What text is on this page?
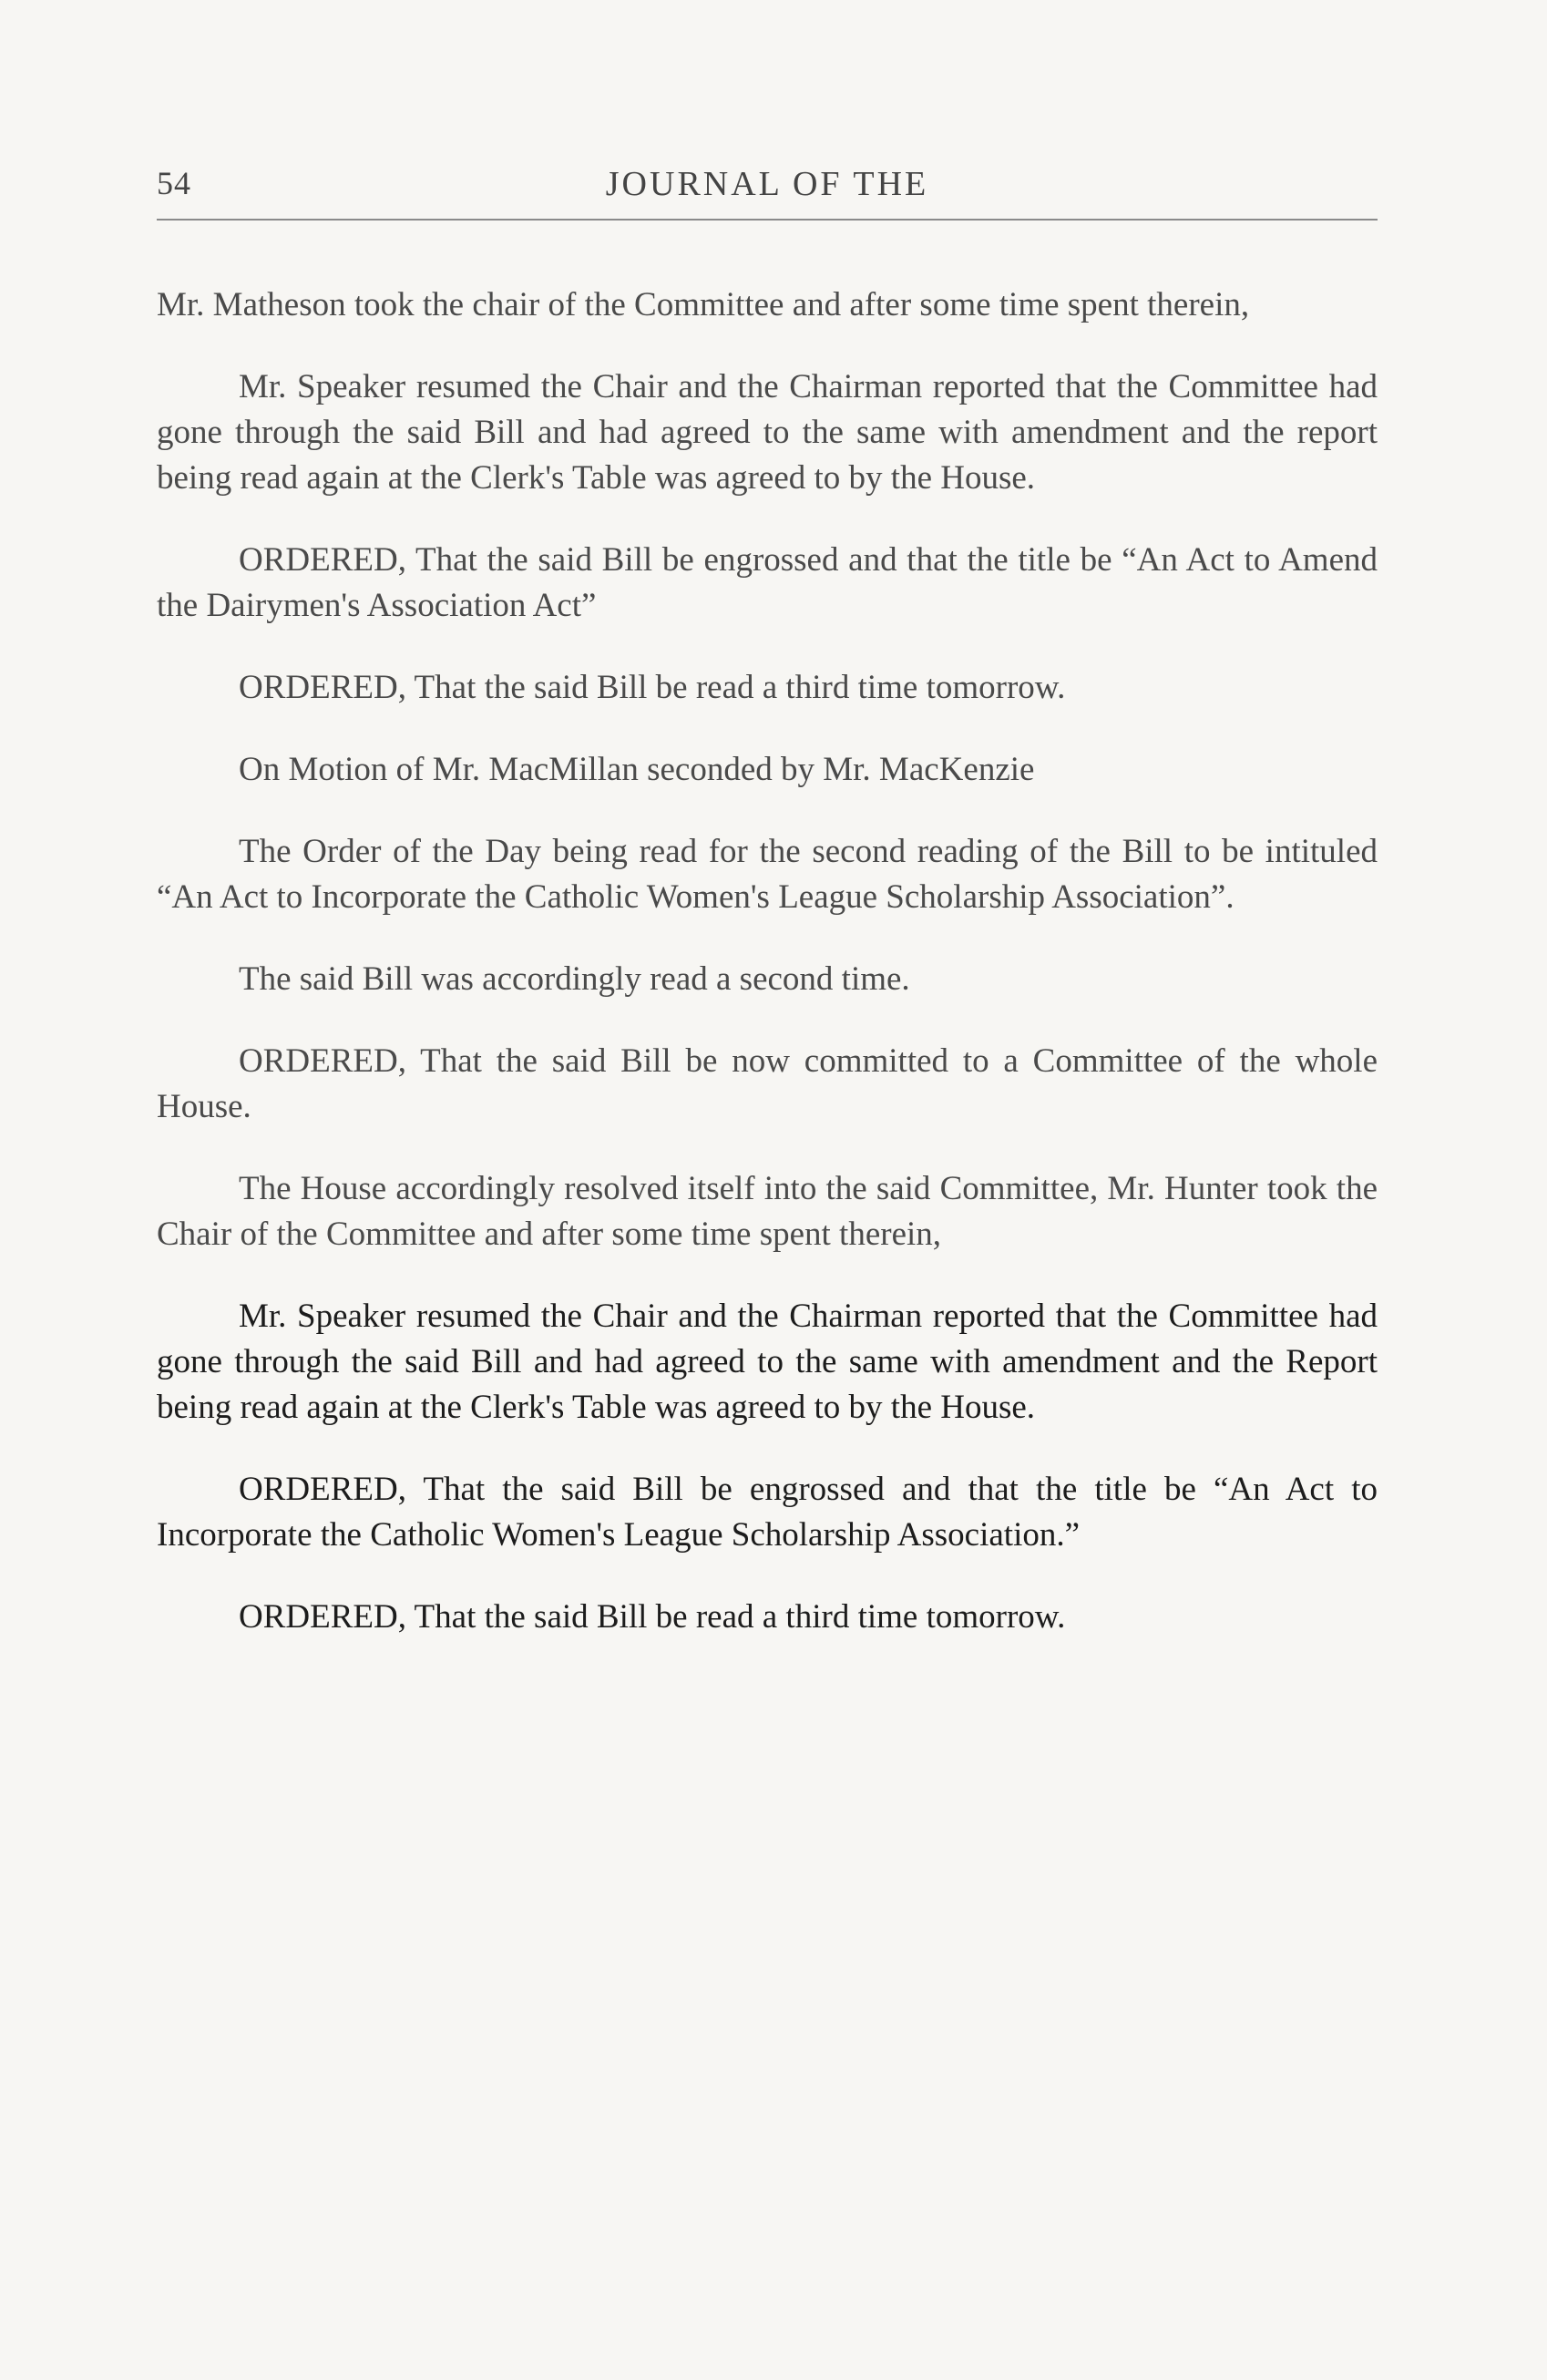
54	JOURNAL OF THE

Mr. Matheson took the chair of the Committee and after some time spent therein,

Mr. Speaker resumed the Chair and the Chairman reported that the Committee had gone through the said Bill and had agreed to the same with amendment and the report being read again at the Clerk's Table was agreed to by the House.

ORDERED, That the said Bill be engrossed and that the title be “An Act to Amend the Dairymen's Association Act”

ORDERED, That the said Bill be read a third time tomorrow.

On Motion of Mr. MacMillan seconded by Mr. MacKenzie

The Order of the Day being read for the second reading of the Bill to be intituled “An Act to Incorporate the Catholic Women's League Scholarship Association”.

The said Bill was accordingly read a second time.

ORDERED, That the said Bill be now committed to a Committee of the whole House.

The House accordingly resolved itself into the said Committee, Mr. Hunter took the Chair of the Committee and after some time spent therein,

Mr. Speaker resumed the Chair and the Chairman reported that the Committee had gone through the said Bill and had agreed to the same with amendment and the Report being read again at the Clerk's Table was agreed to by the House.

ORDERED, That the said Bill be engrossed and that the title be “An Act to Incorporate the Catholic Women's League Scholarship Association.”

ORDERED, That the said Bill be read a third time tomorrow.
